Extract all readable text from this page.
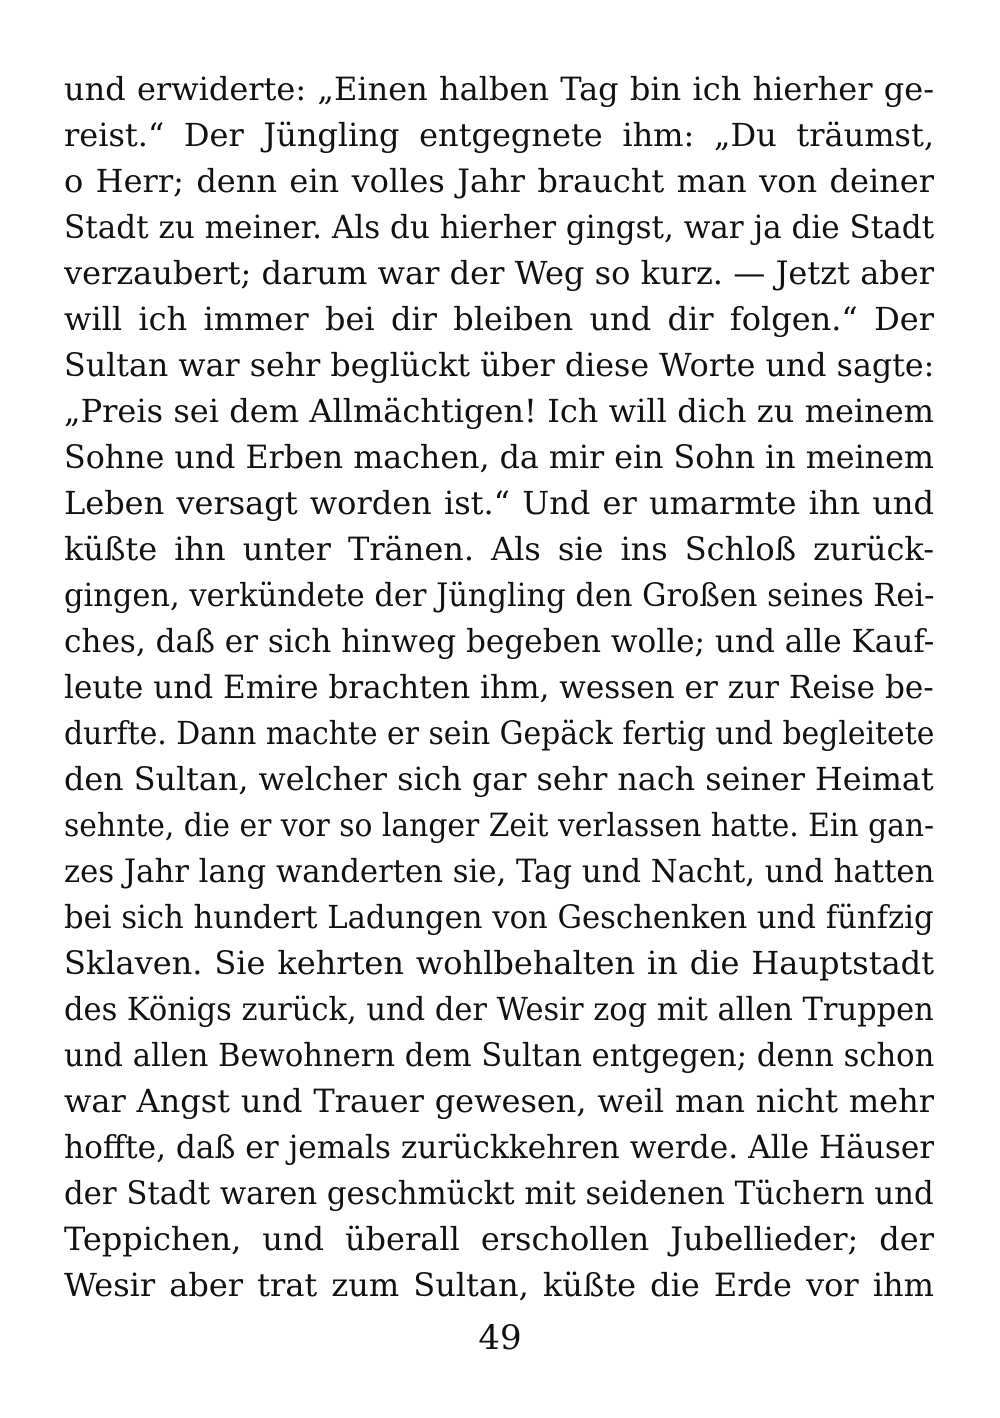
und erwiderte: „Einen halben Tag bin ich hierher ge-
reist.“ Der Jüngling entgegnete ihm: „Du träumst,
o Herr; denn ein volles Jahr braucht man von deiner
Stadt zu meiner. Als du hierher gingst, war ja die Stadt
verzaubert; darum war der Weg so kurz. — Jetzt aber
will ich immer bei dir bleiben und dir folgen.“ Der
Sultan war sehr beglückt über diese Worte und sagte:
„Preis sei dem Allmächtigen! Ich will dich zu meinem
Sohne und Erben machen, da mir ein Sohn in meinem
Leben versagt worden ist.“ Und er umarmte ihn und
küßte ihn unter Tränen. Als sie ins Schloß zurück-
gingen, verkündete der Jüngling den Großen seines Rei-
ches, daß er sich hinweg begeben wolle; und alle Kauf-
leute und Emire brachten ihm, wessen er zur Reise be-
durfte. Dann machte er sein Gepäck fertig und begleitete
den Sultan, welcher sich gar sehr nach seiner Heimat
sehnte, die er vor so langer Zeit verlassen hatte. Ein gan-
zes Jahr lang wanderten sie, Tag und Nacht, und hatten
bei sich hundert Ladungen von Geschenken und fünfzig
Sklaven. Sie kehrten wohlbehalten in die Hauptstadt
des Königs zurück, und der Wesir zog mit allen Truppen
und allen Bewohnern dem Sultan entgegen; denn schon
war Angst und Trauer gewesen, weil man nicht mehr
hoffte, daß er jemals zurückkehren werde. Alle Häuser
der Stadt waren geschmückt mit seidenen Tüchern und
Teppichen, und überall erschollen Jubellieder; der
Wesir aber trat zum Sultan, küßte die Erde vor ihm
49
